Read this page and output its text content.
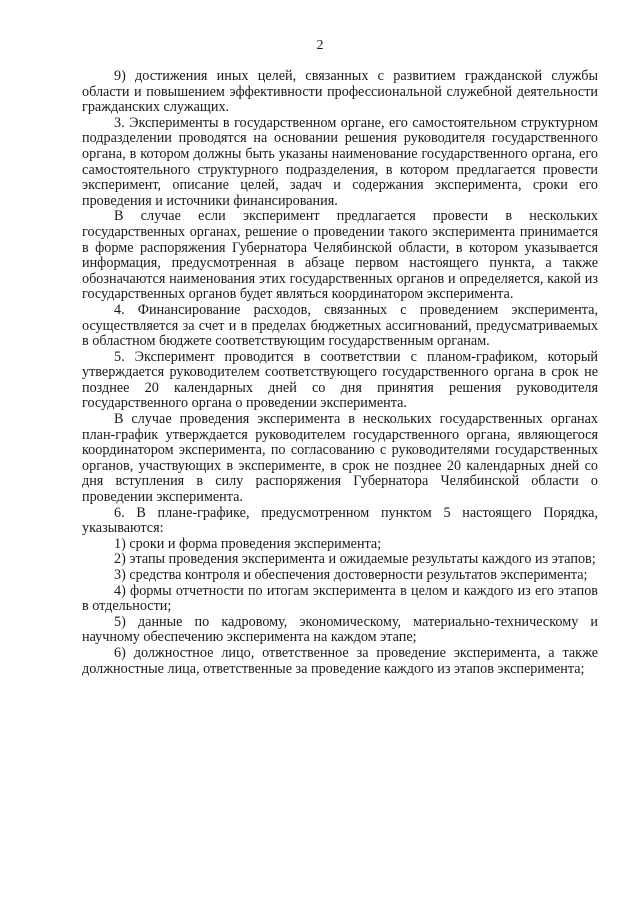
2

9) достижения иных целей, связанных с развитием гражданской службы области и повышением эффективности профессиональной служебной деятельности гражданских служащих.

3. Эксперименты в государственном органе, его самостоятельном структурном подразделении проводятся на основании решения руководителя государственного органа, в котором должны быть указаны наименование государственного органа, его самостоятельного структурного подразделения, в котором предлагается провести эксперимент, описание целей, задач и содержания эксперимента, сроки его проведения и источники финансирования.

В случае если эксперимент предлагается провести в нескольких государственных органах, решение о проведении такого эксперимента принимается в форме распоряжения Губернатора Челябинской области, в котором указывается информация, предусмотренная в абзаце первом настоящего пункта, а также обозначаются наименования этих государственных органов и определяется, какой из государственных органов будет являться координатором эксперимента.

4. Финансирование расходов, связанных с проведением эксперимента, осуществляется за счет и в пределах бюджетных ассигнований, предусматриваемых в областном бюджете соответствующим государственным органам.

5. Эксперимент проводится в соответствии с планом-графиком, который утверждается руководителем соответствующего государственного органа в срок не позднее 20 календарных дней со дня принятия решения руководителя государственного органа о проведении эксперимента.

В случае проведения эксперимента в нескольких государственных органах план-график утверждается руководителем государственного органа, являющегося координатором эксперимента, по согласованию с руководителями государственных органов, участвующих в эксперименте, в срок не позднее 20 календарных дней со дня вступления в силу распоряжения Губернатора Челябинской области о проведении эксперимента.

6. В плане-графике, предусмотренном пунктом 5 настоящего Порядка, указываются:

1) сроки и форма проведения эксперимента;

2) этапы проведения эксперимента и ожидаемые результаты каждого из этапов;

3) средства контроля и обеспечения достоверности результатов эксперимента;

4) формы отчетности по итогам эксперимента в целом и каждого из его этапов в отдельности;

5) данные по кадровому, экономическому, материально-техническому и научному обеспечению эксперимента на каждом этапе;

6) должностное лицо, ответственное за проведение эксперимента, а также должностные лица, ответственные за проведение каждого из этапов эксперимента;
